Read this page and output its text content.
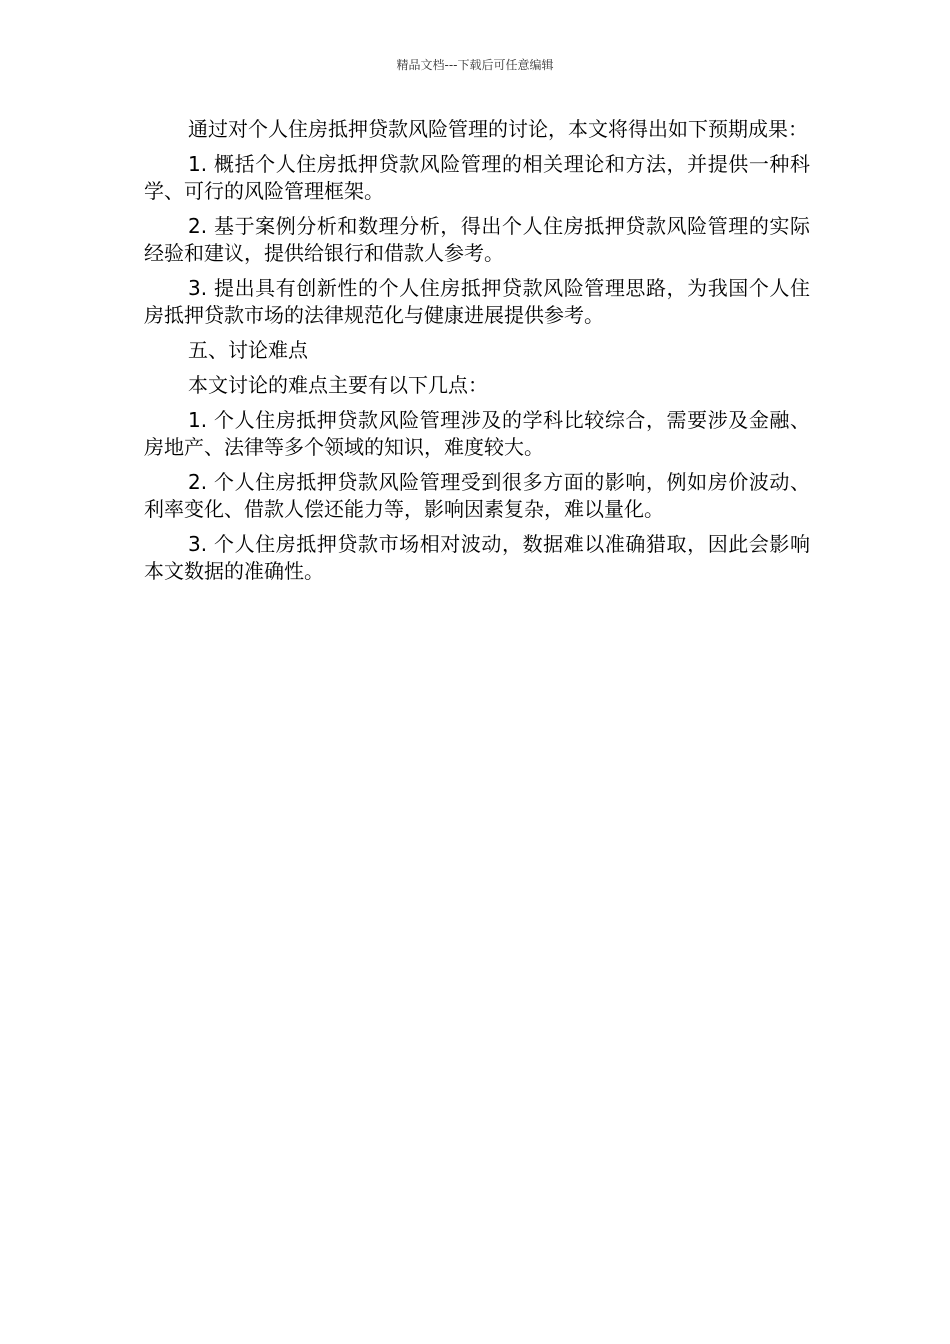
精品文档---下载后可任意编辑

通过对个人住房抵押贷款风险管理的讨论，本文将得出如下预期成果：

1. 概括个人住房抵押贷款风险管理的相关理论和方法，并提供一种科学、可行的风险管理框架。

2. 基于案例分析和数理分析，得出个人住房抵押贷款风险管理的实际经验和建议，提供给银行和借款人参考。

3. 提出具有创新性的个人住房抵押贷款风险管理思路，为我国个人住房抵押贷款市场的法律规范化与健康进展提供参考。

五、讨论难点

本文讨论的难点主要有以下几点：

1. 个人住房抵押贷款风险管理涉及的学科比较综合，需要涉及金融、房地产、法律等多个领域的知识，难度较大。

2. 个人住房抵押贷款风险管理受到很多方面的影响，例如房价波动、利率变化、借款人偿还能力等，影响因素复杂，难以量化。

3. 个人住房抵押贷款市场相对波动，数据难以准确猎取，因此会影响本文数据的准确性。
